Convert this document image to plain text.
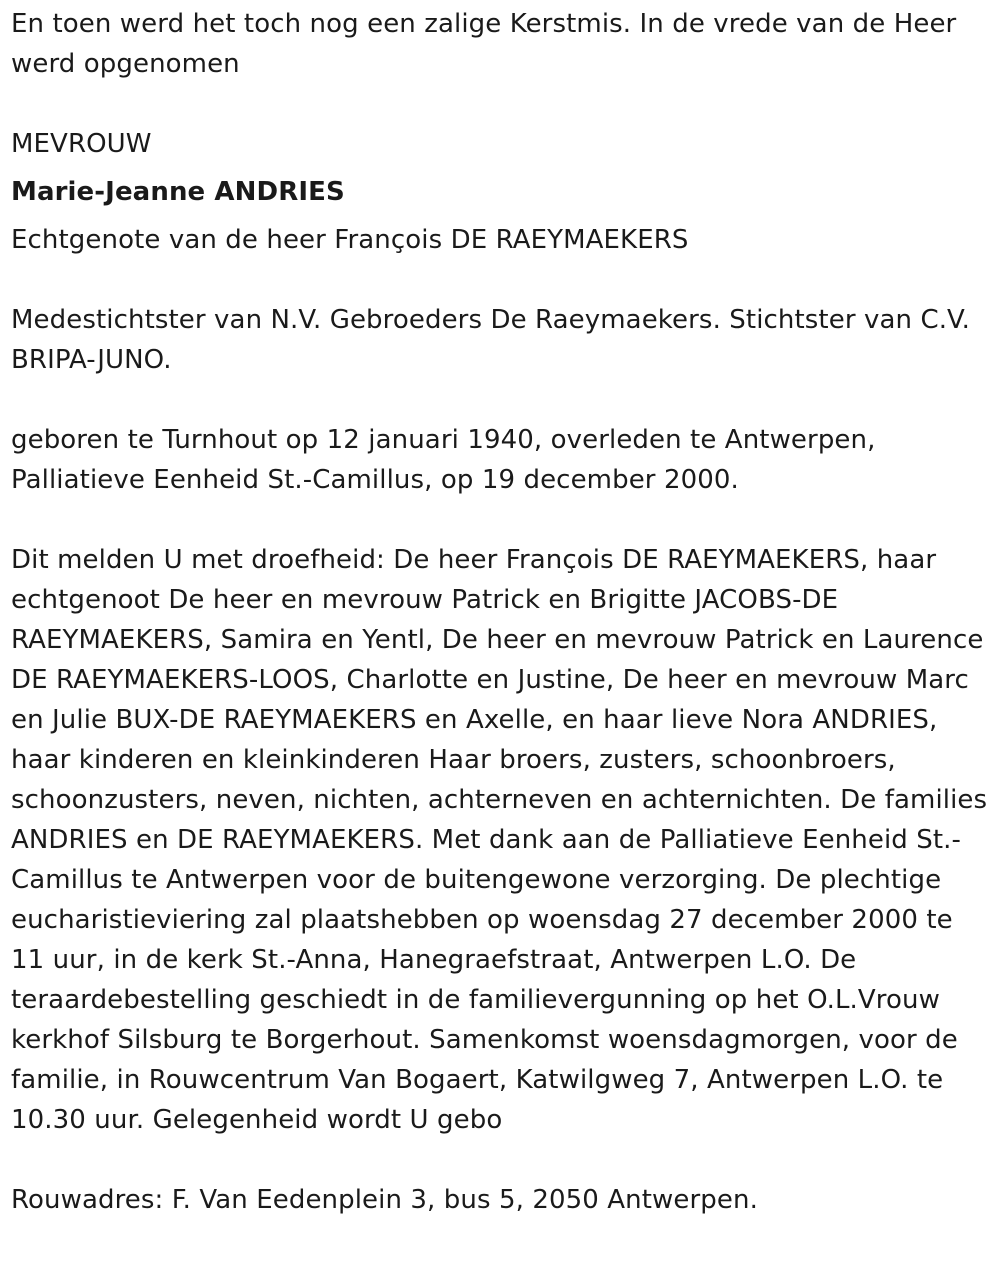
En toen werd het toch nog een zalige Kerstmis. In de vrede van de Heer werd opgenomen

MEVROUW

Marie-Jeanne ANDRIES

Echtgenote van de heer François DE RAEYMAEKERS

Medestichtster van N.V. Gebroeders De Raeymaekers. Stichtster van C.V. BRIPA-JUNO.

geboren te Turnhout op 12 januari 1940, overleden te Antwerpen, Palliatieve Eenheid St.-Camillus, op 19 december 2000.

Dit melden U met droefheid: De heer François DE RAEYMAEKERS, haar echtgenoot De heer en mevrouw Patrick en Brigitte JACOBS-DE RAEYMAEKERS, Samira en Yentl, De heer en mevrouw Patrick en Laurence DE RAEYMAEKERS-LOOS, Charlotte en Justine, De heer en mevrouw Marc en Julie BUX-DE RAEYMAEKERS en Axelle, en haar lieve Nora ANDRIES, haar kinderen en kleinkinderen Haar broers, zusters, schoonbroers, schoonzusters, neven, nichten, achterneven en achternichten. De families ANDRIES en DE RAEYMAEKERS. Met dank aan de Palliatieve Eenheid St.-Camillus te Antwerpen voor de buitengewone verzorging. De plechtige eucharistieviering zal plaatshebben op woensdag 27 december 2000 te 11 uur, in de kerk St.-Anna, Hanegraefstraat, Antwerpen L.O. De teraardebestelling geschiedt in de familievergunning op het O.L.Vrouw kerkhof Silsburg te Borgerhout. Samenkomst woensdagmorgen, voor de familie, in Rouwcentrum Van Bogaert, Katwilgweg 7, Antwerpen L.O. te 10.30 uur. Gelegenheid wordt U gebo

Rouwadres: F. Van Eedenplein 3, bus 5, 2050 Antwerpen.
